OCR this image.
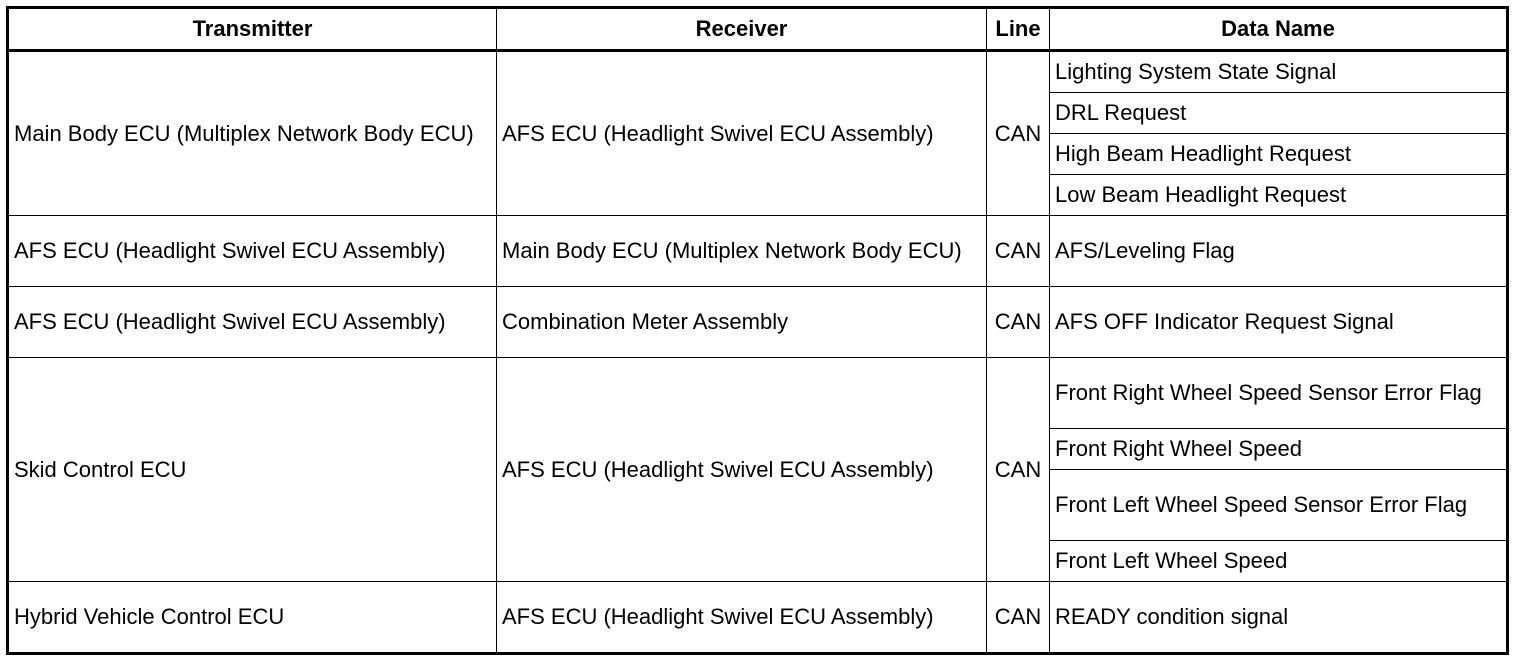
Transmitter	Receiver	Line	Data Name
Main Body ECU (Multiplex Network Body ECU)	AFS ECU (Headlight Swivel ECU Assembly)	CAN	Lighting System State Signal
			DRL Request
			High Beam Headlight Request
			Low Beam Headlight Request
AFS ECU (Headlight Swivel ECU Assembly)	Main Body ECU (Multiplex Network Body ECU)	CAN	AFS/Leveling Flag
AFS ECU (Headlight Swivel ECU Assembly)	Combination Meter Assembly	CAN	AFS OFF Indicator Request Signal
Skid Control ECU	AFS ECU (Headlight Swivel ECU Assembly)	CAN	Front Right Wheel Speed Sensor Error Flag
			Front Right Wheel Speed
			Front Left Wheel Speed Sensor Error Flag
			Front Left Wheel Speed
Hybrid Vehicle Control ECU	AFS ECU (Headlight Swivel ECU Assembly)	CAN	READY condition signal
